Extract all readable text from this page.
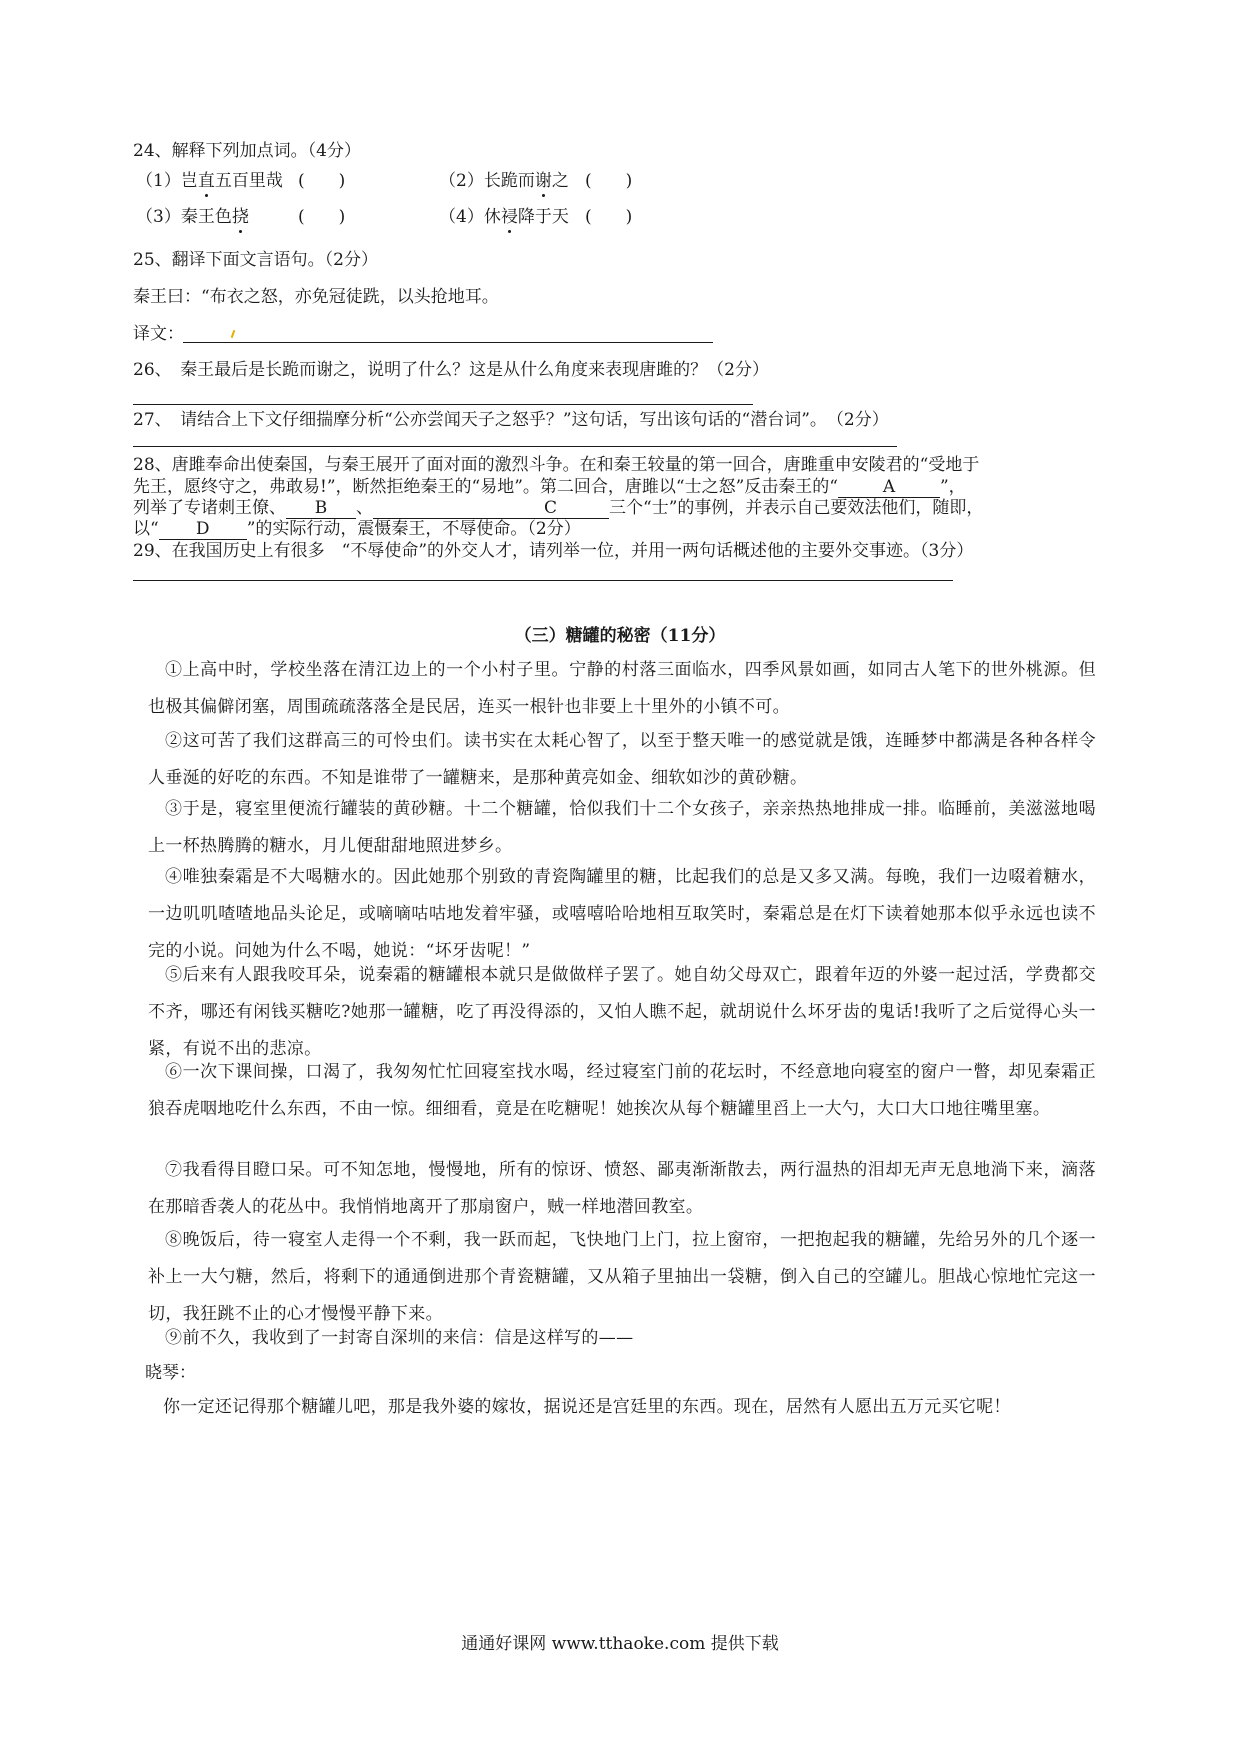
24、解释下列加点词。（4分）
（1）岂直五百里哉 (　　)	（2）长跪而谢之 (　　)
（3）秦王色挠	(　　)	（4）休祲降于天 (　　)
25、翻译下面文言语句。（2分）
秦王曰：“布衣之怒，亦免冠徒跣，以头抢地耳。
译文：
26、　秦王最后是长跪而谢之，说明了什么？这是从什么角度来表现唐雎的？（2分）
27、　请结合上下文仔细揣摩分析“公亦尝闻天子之怒乎？”这句话，写出该句话的“潜台词”。　（2分）
28、唐雎奉命出使秦国，与秦王展开了面对面的激烈斗争。在和秦王较量的第一回合，唐雎重申安陵君的“受地于
先王，愿终守之，弗敢易!”，断然拒绝秦王的“易地”。第二回合，唐雎以“士之怒”反击秦王的“	A	”，
列举了专诸刺王僚、 B 、	C	三个“士”的事例，并表示自己要效法他们，随即，
以“ D ”的实际行动，震慑秦王，不辱使命。（2分）
29、在我国历史上有很多　“不辱使命”的外交人才，请列举一位，并用一两句话概述他的主要外交事迹。（3分）
（三）糖罐的秘密（11分）
①上高中时，学校坐落在清江边上的一个小村子里。宁静的村落三面临水，四季风景如画，如同古人笔下的世外桃源。但也极其偏僻闭塞，周围疏疏落落全是民居，连买一根针也非要上十里外的小镇不可。
②这可苦了我们这群高三的可怜虫们。读书实在太耗心智了，以至于整天唯一的感觉就是饿，连睡梦中都满是各种各样令人垂涎的好吃的东西。不知是谁带了一罐糖来，是那种黄亮如金、细软如沙的黄砂糖。
③于是，寝室里便流行罐装的黄砂糖。十二个糖罐，恰似我们十二个女孩子，亲亲热热地排成一排。临睡前，美滋滋地喝上一杯热腾腾的糖水，月儿便甜甜地照进梦乡。
④唯独秦霜是不大喝糖水的。因此她那个别致的青瓷陶罐里的糖，比起我们的总是又多又满。每晚，我们一边啜着糖水，一边叽叽喳喳地品头论足，或嘀嘀咕咕地发着牢骚，或嘻嘻哈哈地相互取笑时，秦霜总是在灯下读着她那本似乎永远也读不完的小说。问她为什么不喝，她说：“坏牙齿呢！”
⑤后来有人跟我咬耳朵，说秦霜的糖罐根本就只是做做样子罢了。她自幼父母双亡，跟着年迈的外婆一起过活，学费都交不齐，哪还有闲钱买糖吃?她那一罐糖，吃了再没得添的，又怕人瞧不起，就胡说什么坏牙齿的鬼话!我听了之后觉得心头一紧，有说不出的悲凉。
⑥一次下课间操，口渴了，我匆匆忙忙回寝室找水喝，经过寝室门前的花坛时，不经意地向寝室的窗户一瞥，却见秦霜正狼吞虎咽地吃什么东西，不由一惊。细细看，竟是在吃糖呢！她挨次从每个糖罐里舀上一大勺，大口大口地往嘴里塞。
⑦我看得目瞪口呆。可不知怎地，慢慢地，所有的惊讶、愤怒、鄙夷渐渐散去，两行温热的泪却无声无息地淌下来，滴落在那暗香袭人的花丛中。我悄悄地离开了那扇窗户，贼一样地潜回教室。
⑧晚饭后，待一寝室人走得一个不剩，我一跃而起，飞快地门上门，拉上窗帘，一把抱起我的糖罐，先给另外的几个逐一补上一大勺糖，然后，将剩下的通通倒进那个青瓷糖罐，又从箱子里抽出一袋糖，倒入自己的空罐儿。胆战心惊地忙完这一切，我狂跳不止的心才慢慢平静下来。
⑨前不久，我收到了一封寄自深圳的来信：信是这样写的——
晓琴：
你一定还记得那个糖罐儿吧，那是我外婆的嫁妆，据说还是宫廷里的东西。现在，居然有人愿出五万元买它呢！
通通好课网 www.tthaoke.com 提供下载
